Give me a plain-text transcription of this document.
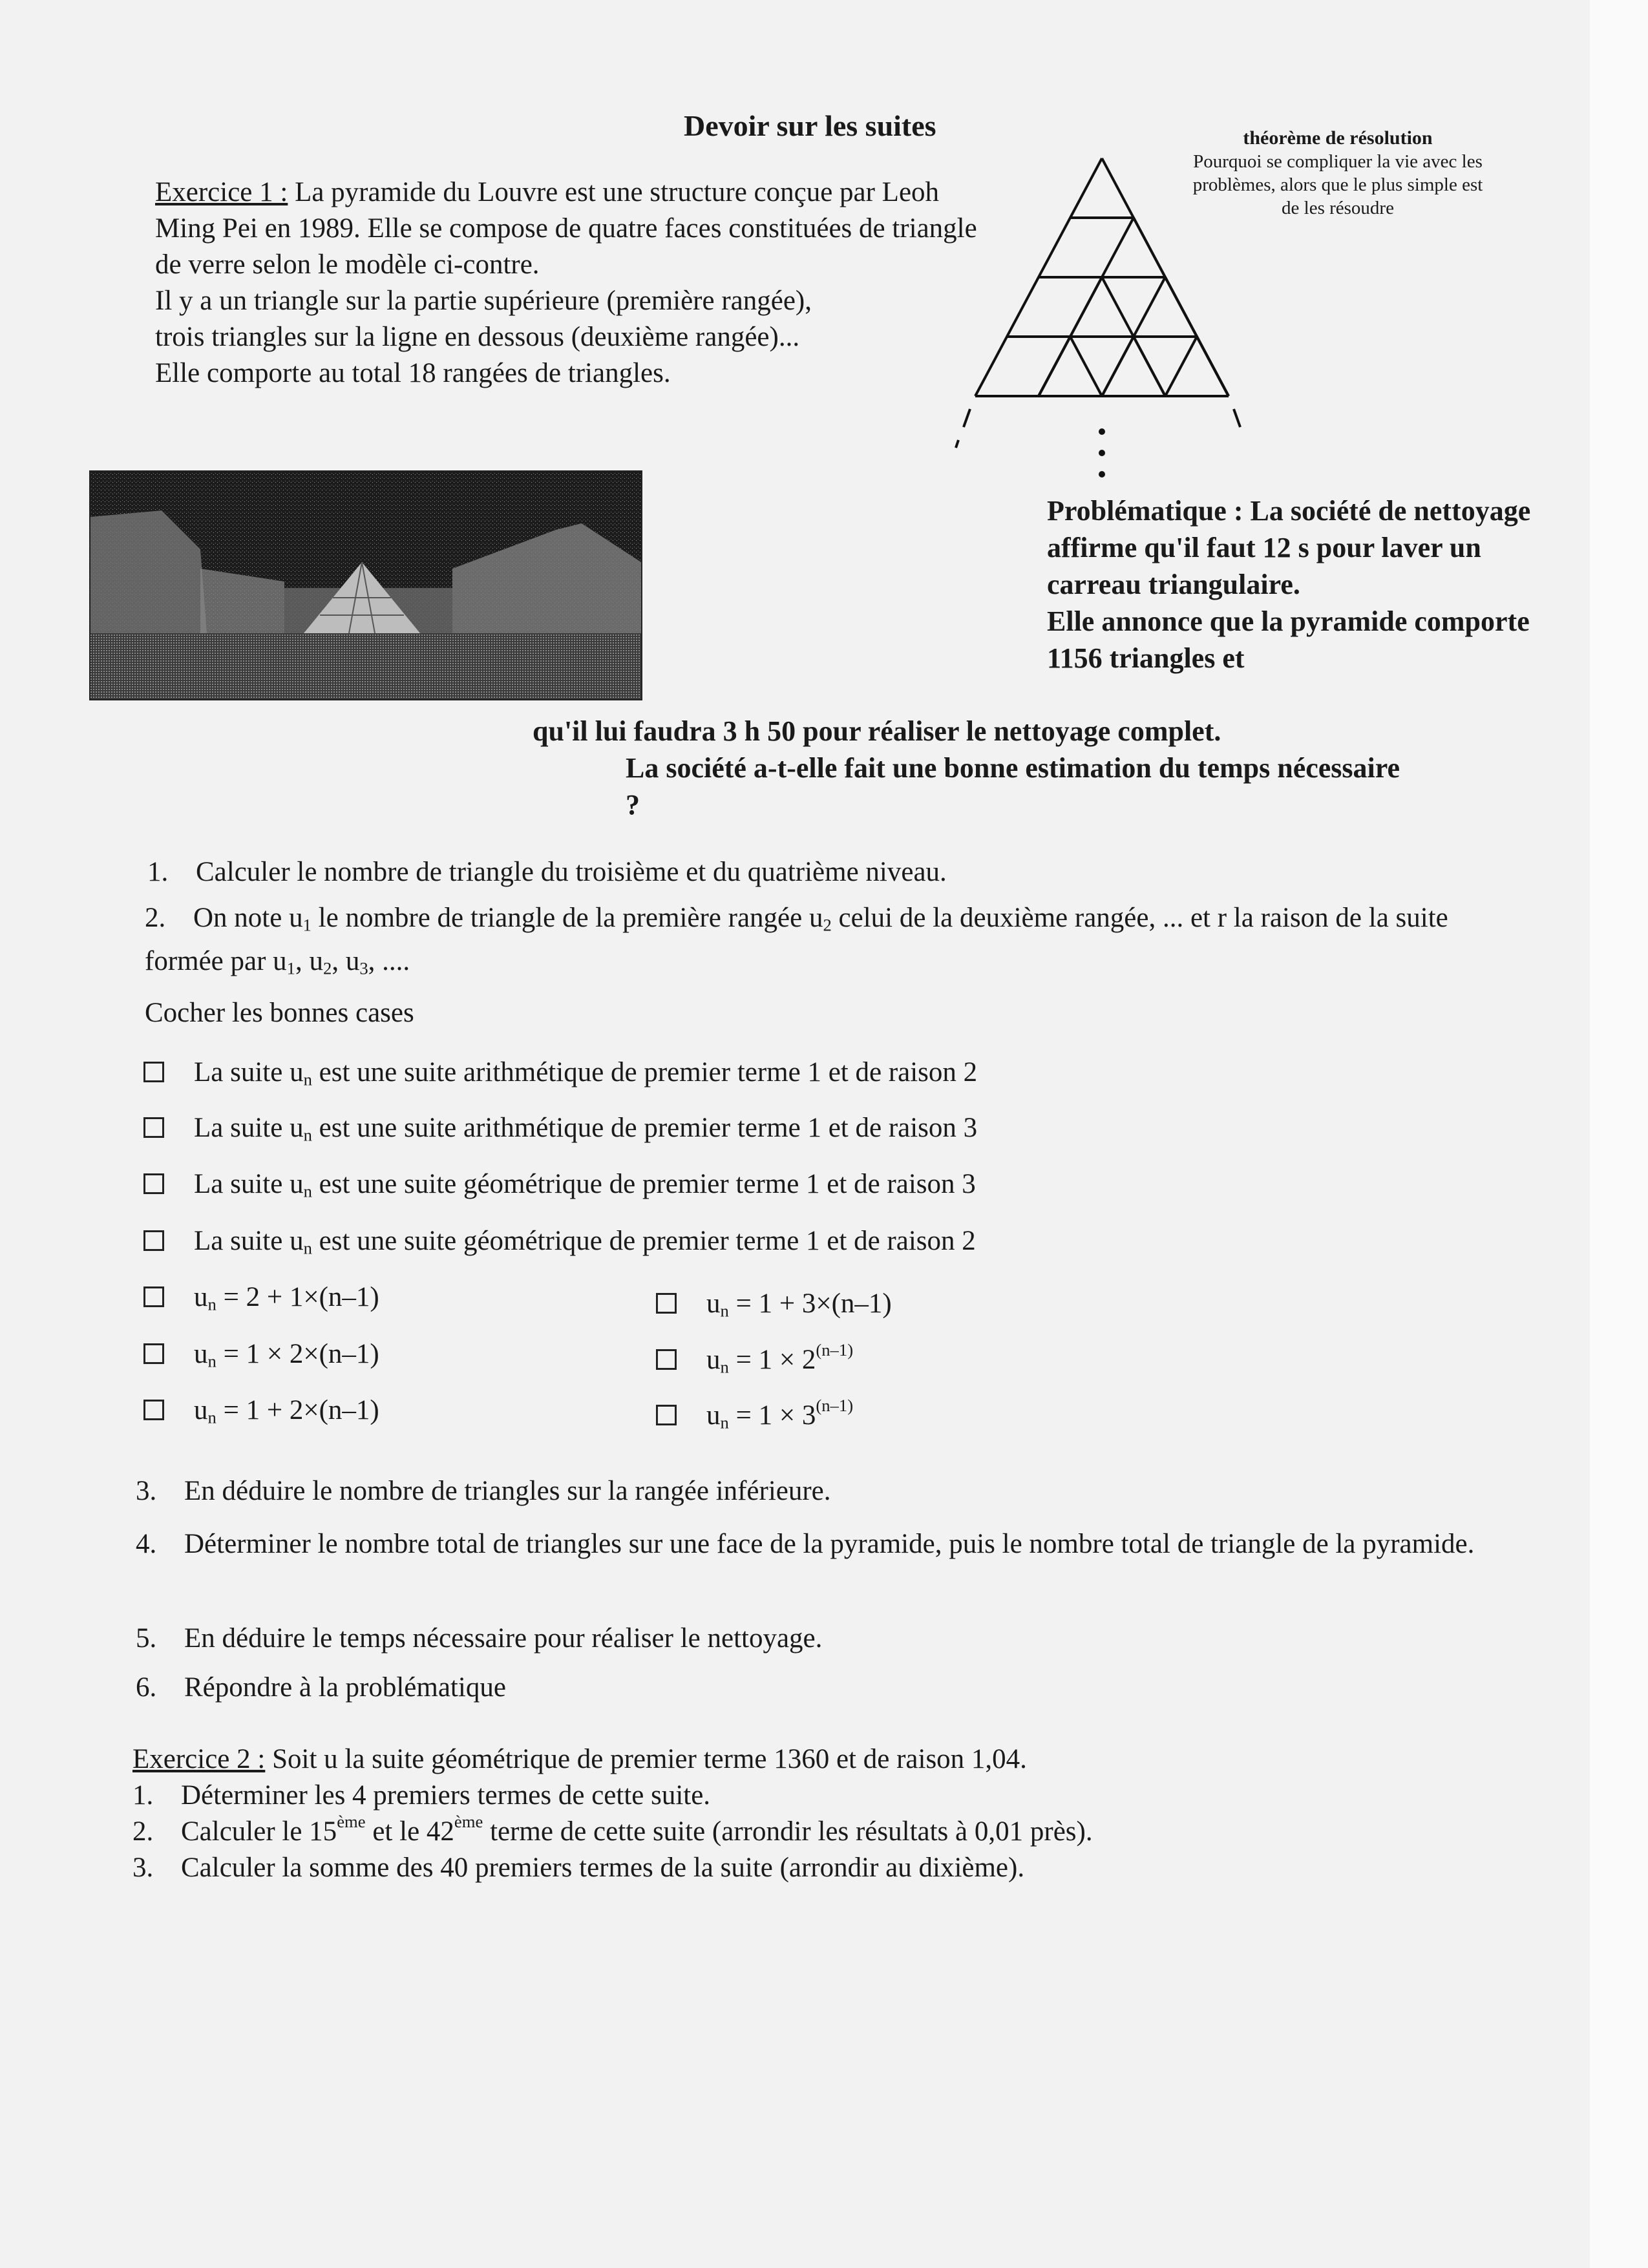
Devoir sur les suites
Exercice 1 : La pyramide du Louvre est une structure conçue par Leoh Ming Pei en 1989. Elle se compose de quatre faces constituées de triangle de verre selon le modèle ci-contre.
Il y a un triangle sur la partie supérieure (première rangée),
trois triangles sur la ligne en dessous (deuxième rangée)...
Elle comporte au total 18 rangées de triangles.
théorème de résolution
Pourquoi se compliquer la vie avec les problèmes, alors que le plus simple est de les résoudre
Problématique : La société de nettoyage affirme qu'il faut 12 s pour laver un carreau triangulaire.
Elle annonce que la pyramide comporte 1156 triangles et
qu'il lui faudra 3 h 50 pour réaliser le nettoyage complet.
La société a-t-elle fait une bonne estimation du temps nécessaire ?
1. Calculer le nombre de triangle du troisième et du quatrième niveau.
2. On note $u_1$ le nombre de triangle de la première rangée $u_2$ celui de la deuxième rangée, ... et r la raison de la suite formée par $u_1$, $u_2$, $u_3$, ....
Cocher les bonnes cases
La suite $u_n$ est une suite arithmétique de premier terme 1 et de raison 2
La suite $u_n$ est une suite arithmétique de premier terme 1 et de raison 3
La suite $u_n$ est une suite géométrique de premier terme 1 et de raison 3
La suite $u_n$ est une suite géométrique de premier terme 1 et de raison 2
$u_n = 2 + 1\times(n-1)$
$u_n = 1 \times 2\times(n-1)$
$u_n = 1 + 2\times(n-1)$
$u_n = 1 + 3\times(n-1)$
$u_n = 1 \times 2^{(n-1)}$
$u_n = 1 \times 3^{(n-1)}$
3. En déduire le nombre de triangles sur la rangée inférieure.
4. Déterminer le nombre total de triangles sur une face de la pyramide, puis le nombre total de triangle de la pyramide.
5. En déduire le temps nécessaire pour réaliser le nettoyage.
6. Répondre à la problématique
Exercice 2 : Soit u la suite géométrique de premier terme 1360 et de raison 1,04.
1. Déterminer les 4 premiers termes de cette suite.
2. Calculer le 15ème et le 42ème terme de cette suite (arrondir les résultats à 0,01 près).
3. Calculer la somme des 40 premiers termes de la suite (arrondir au dixième).
